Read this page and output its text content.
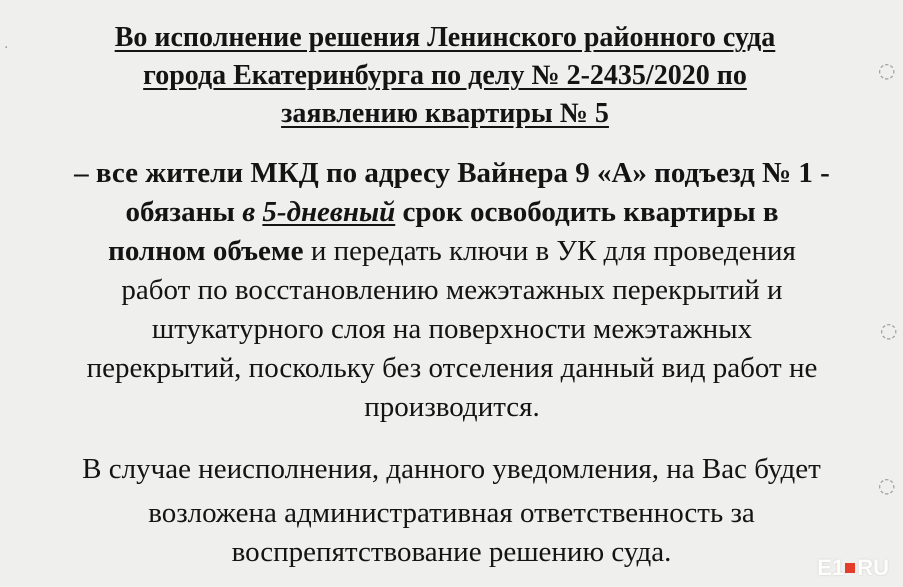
Во исполнение решения Ленинского районного суда
города Екатеринбурга по делу № 2-2435/2020 по
заявлению квартиры № 5
– все жители МКД по адресу Вайнера 9 «А» подъезд № 1 -
обязаны в 5-дневный срок освободить квартиры в
полном объеме и передать ключи в УК для проведения
работ по восстановлению межэтажных перекрытий и
штукатурного слоя на поверхности межэтажных
перекрытий, поскольку без отселения данный вид работ не
производится.
В случае неисполнения, данного уведомления, на Вас будет
возложена административная ответственность за
воспрепятствование решению суда.
◌
◌
◌
·
E1 RU
